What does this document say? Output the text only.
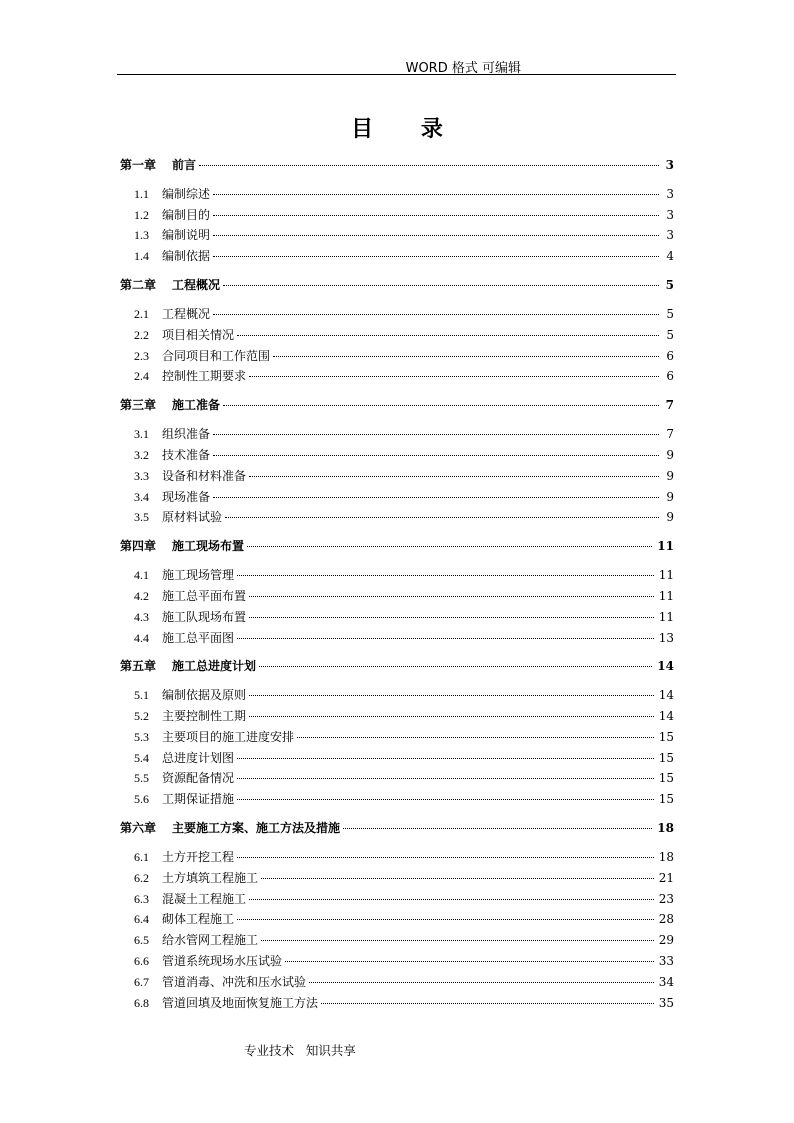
WORD 格式 可编辑
目 录
第一章	前言	3
1.1	编制综述	3
1.2	编制目的	3
1.3	编制说明	3
1.4	编制依据	4
第二章	工程概况	5
2.1	工程概况	5
2.2	项目相关情况	5
2.3	合同项目和工作范围	6
2.4	控制性工期要求	6
第三章	施工准备	7
3.1	组织准备	7
3.2	技术准备	9
3.3	设备和材料准备	9
3.4	现场准备	9
3.5	原材料试验	9
第四章	施工现场布置	11
4.1	施工现场管理	11
4.2	施工总平面布置	11
4.3	施工队现场布置	11
4.4	施工总平面图	13
第五章	施工总进度计划	14
5.1	编制依据及原则	14
5.2	主要控制性工期	14
5.3	主要项目的施工进度安排	15
5.4	总进度计划图	15
5.5	资源配备情况	15
5.6	工期保证措施	15
第六章	主要施工方案、施工方法及措施	18
6.1	土方开挖工程	18
6.2	土方填筑工程施工	21
6.3	混凝土工程施工	23
6.4	砌体工程施工	28
6.5	给水管网工程施工	29
6.6	管道系统现场水压试验	33
6.7	管道消毒、冲洗和压水试验	34
6.8	管道回填及地面恢复施工方法	35
专业技术   知识共享
